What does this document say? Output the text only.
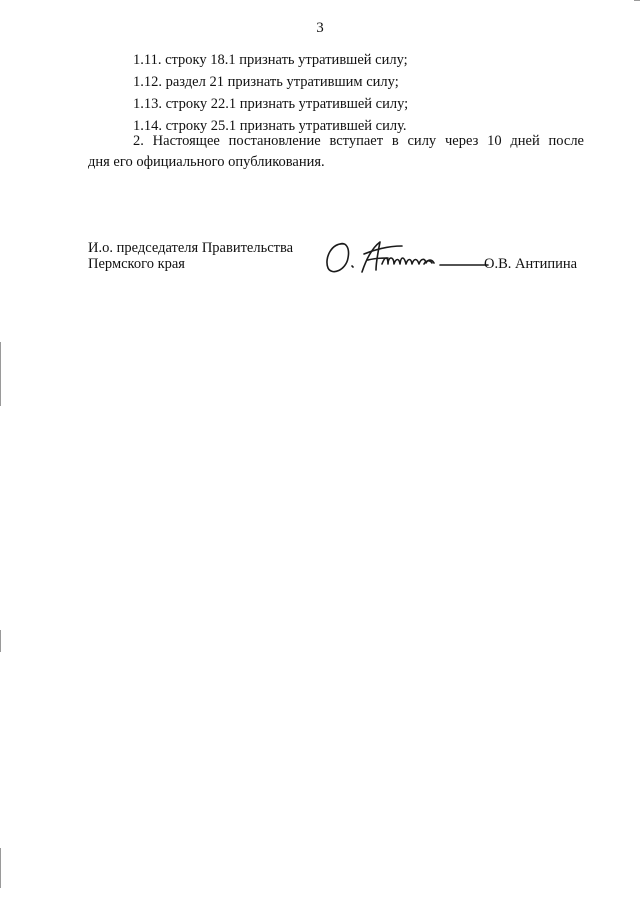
3
1.11. строку 18.1 признать утратившей силу;
1.12. раздел 21 признать утратившим силу;
1.13. строку 22.1 признать утратившей силу;
1.14. строку 25.1 признать утратившей силу.
2. Настоящее постановление вступает в силу через 10 дней после
дня его официального опубликования.
И.о. председателя Правительства
Пермского края	О.В. Антипина
